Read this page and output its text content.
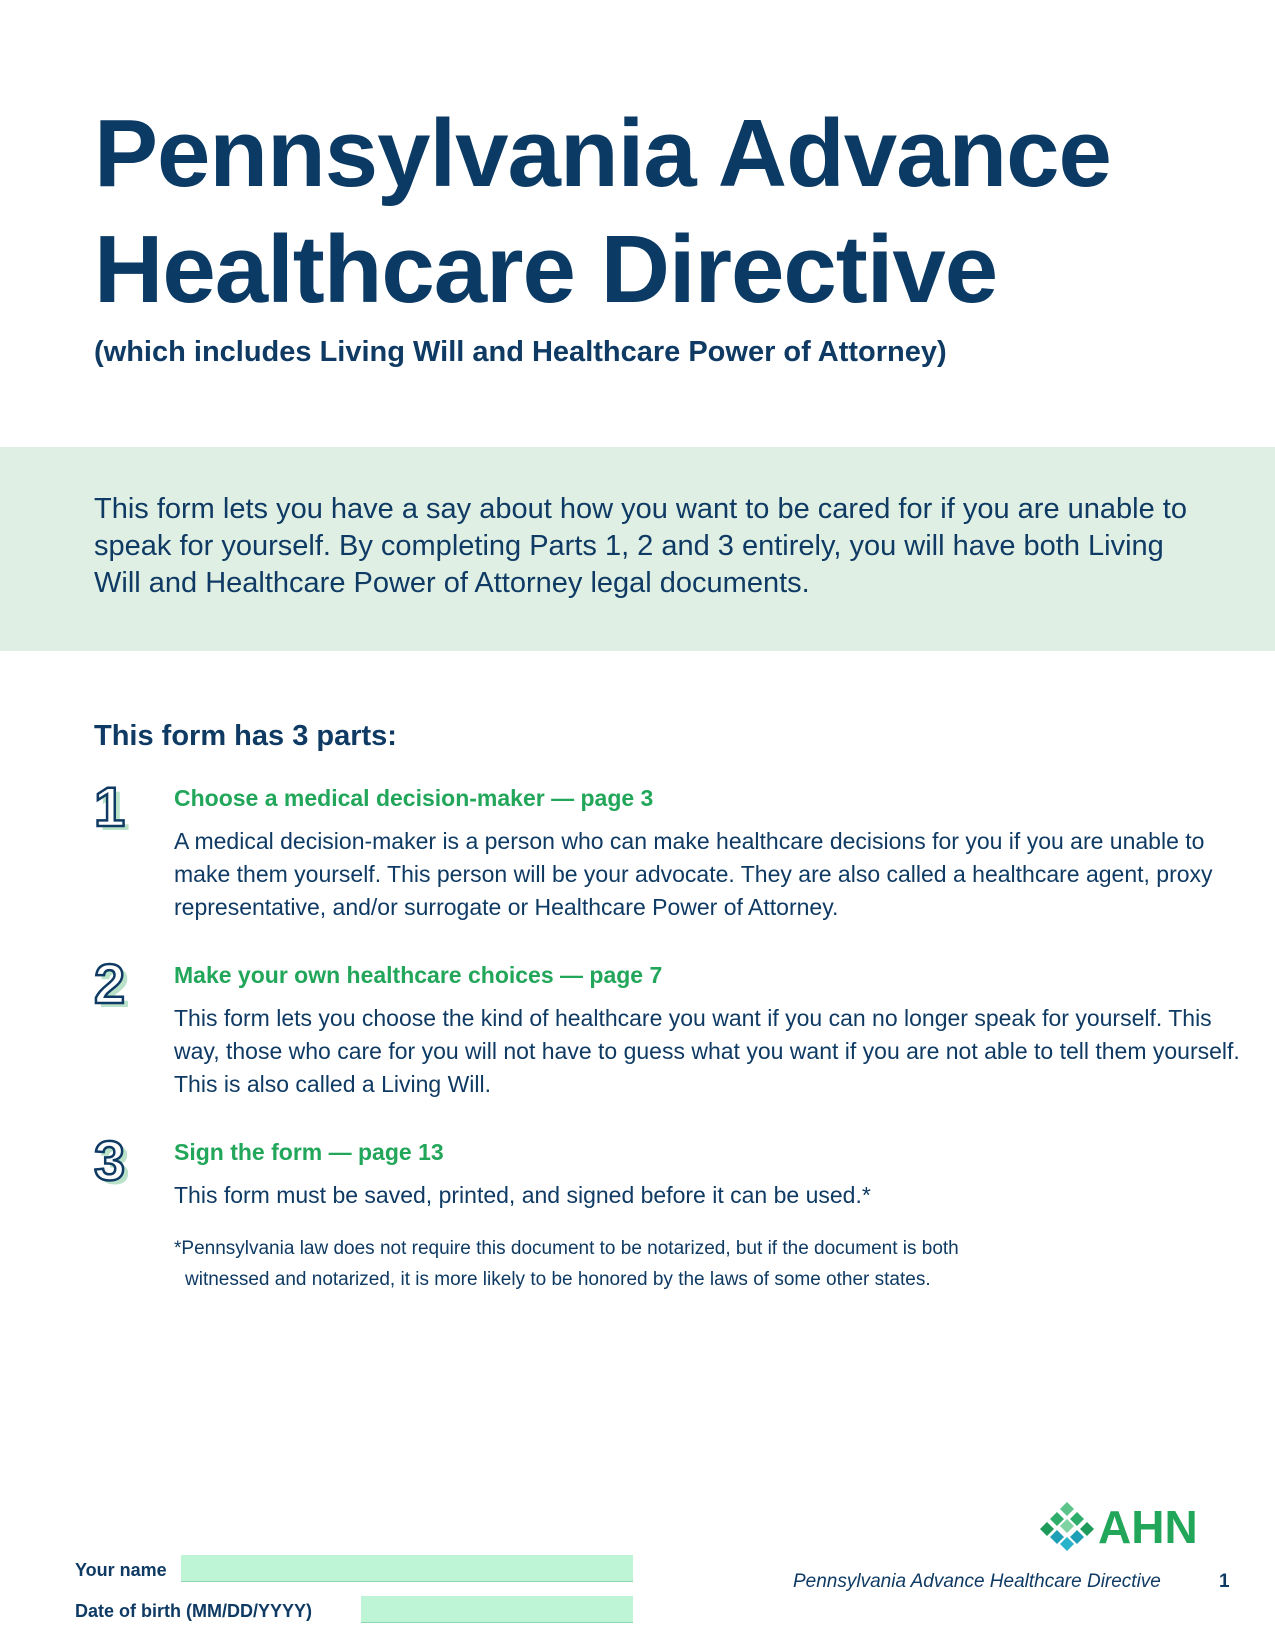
Pennsylvania Advance
Healthcare Directive
(which includes Living Will and Healthcare Power of Attorney)
This form lets you have a say about how you want to be cared for if you are unable to speak for yourself. By completing Parts 1, 2 and 3 entirely, you will have both Living Will and Healthcare Power of Attorney legal documents.
This form has 3 parts:
1	Choose a medical decision-maker — page 3
A medical decision-maker is a person who can make healthcare decisions for you if you are unable to make them yourself. This person will be your advocate. They are also called a healthcare agent, proxy representative, and/or surrogate or Healthcare Power of Attorney.
2	Make your own healthcare choices — page 7
This form lets you choose the kind of healthcare you want if you can no longer speak for yourself. This way, those who care for you will not have to guess what you want if you are not able to tell them yourself. This is also called a Living Will.
3	Sign the form — page 13
This form must be saved, printed, and signed before it can be used.*
*Pennsylvania law does not require this document to be notarized, but if the document is both
witnessed and notarized, it is more likely to be honored by the laws of some other states.
AHN
Pennsylvania Advance Healthcare Directive	1
Your name
Date of birth (MM/DD/YYYY)
